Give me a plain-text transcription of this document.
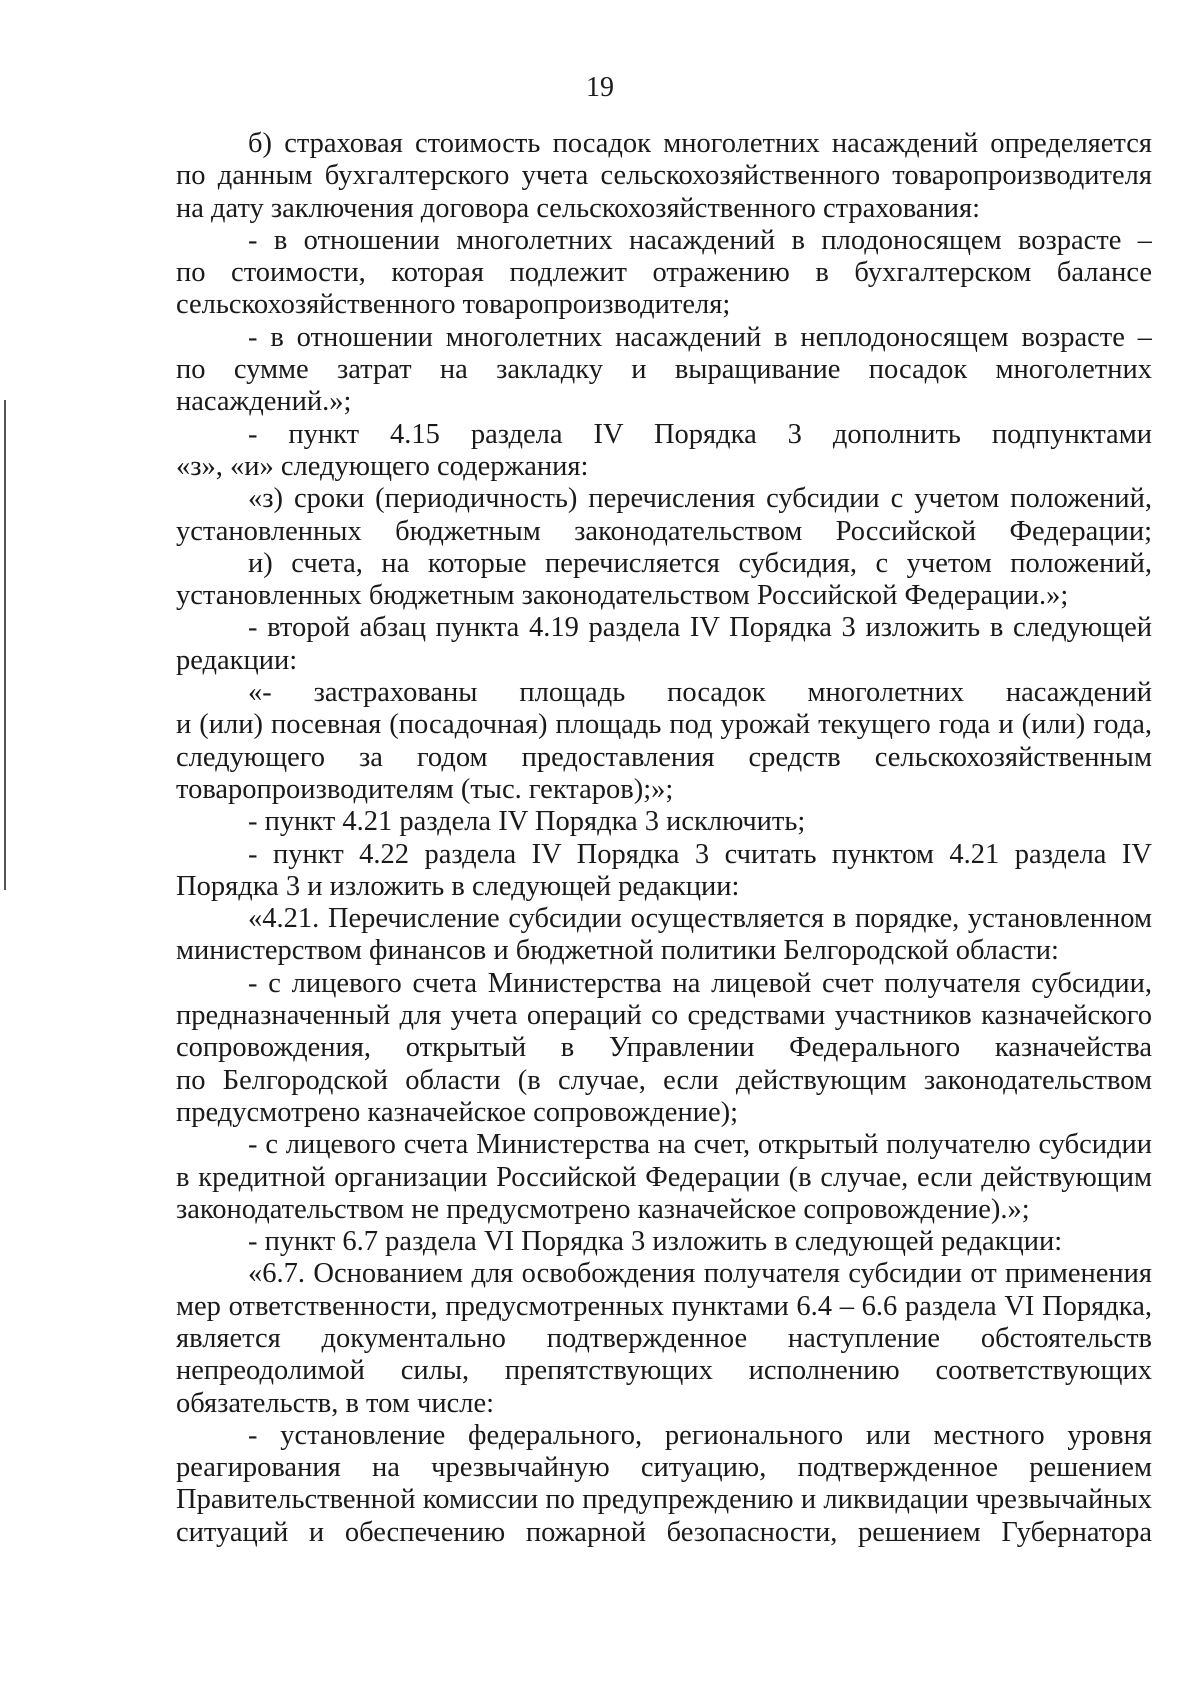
19
б) страховая стоимость посадок многолетних насаждений определяется
по данным бухгалтерского учета сельскохозяйственного товаропроизводителя
на дату заключения договора сельскохозяйственного страхования:
- в отношении многолетних насаждений в плодоносящем возрасте –
по стоимости, которая подлежит отражению в бухгалтерском балансе
сельскохозяйственного товаропроизводителя;
- в отношении многолетних насаждений в неплодоносящем возрасте –
по сумме затрат на закладку и выращивание посадок многолетних
насаждений.»;
- пункт 4.15 раздела IV Порядка 3 дополнить подпунктами
«з», «и» следующего содержания:
«з) сроки (периодичность) перечисления субсидии с учетом положений,
установленных бюджетным законодательством Российской Федерации;
и) счета, на которые перечисляется субсидия, с учетом положений,
установленных бюджетным законодательством Российской Федерации.»;
- второй абзац пункта 4.19 раздела IV Порядка 3 изложить в следующей
редакции:
«- застрахованы площадь посадок многолетних насаждений
и (или) посевная (посадочная) площадь под урожай текущего года и (или) года,
следующего за годом предоставления средств сельскохозяйственным
товаропроизводителям (тыс. гектаров);»;
- пункт 4.21 раздела IV Порядка 3 исключить;
- пункт 4.22 раздела IV Порядка 3 считать пунктом 4.21 раздела IV
Порядка 3 и изложить в следующей редакции:
«4.21. Перечисление субсидии осуществляется в порядке, установленном
министерством финансов и бюджетной политики Белгородской области:
- с лицевого счета Министерства на лицевой счет получателя субсидии,
предназначенный для учета операций со средствами участников казначейского
сопровождения, открытый в Управлении Федерального казначейства
по Белгородской области (в случае, если действующим законодательством
предусмотрено казначейское сопровождение);
- с лицевого счета Министерства на счет, открытый получателю субсидии
в кредитной организации Российской Федерации (в случае, если действующим
законодательством не предусмотрено казначейское сопровождение).»;
- пункт 6.7 раздела VI Порядка 3 изложить в следующей редакции:
«6.7. Основанием для освобождения получателя субсидии от применения
мер ответственности, предусмотренных пунктами 6.4 – 6.6 раздела VI Порядка,
является документально подтвержденное наступление обстоятельств
непреодолимой силы, препятствующих исполнению соответствующих
обязательств, в том числе:
- установление федерального, регионального или местного уровня
реагирования на чрезвычайную ситуацию, подтвержденное решением
Правительственной комиссии по предупреждению и ликвидации чрезвычайных
ситуаций и обеспечению пожарной безопасности, решением Губернатора
